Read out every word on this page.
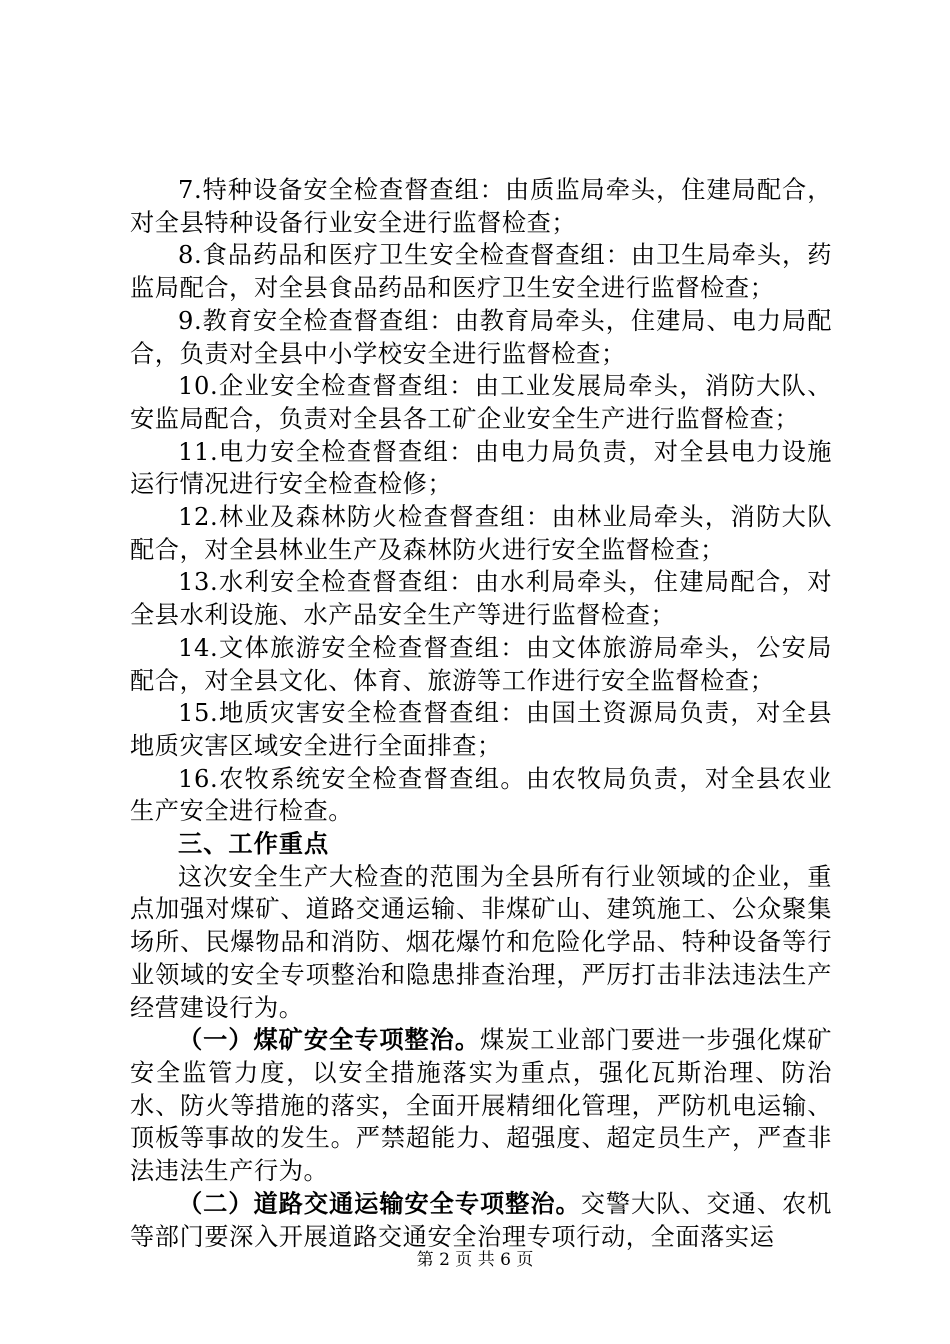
7.特种设备安全检查督查组：由质监局牵头，住建局配合，对全县特种设备行业安全进行监督检查；

8.食品药品和医疗卫生安全检查督查组：由卫生局牵头，药监局配合，对全县食品药品和医疗卫生安全进行监督检查；

9.教育安全检查督查组：由教育局牵头，住建局、电力局配合，负责对全县中小学校安全进行监督检查；

10.企业安全检查督查组：由工业发展局牵头，消防大队、安监局配合，负责对全县各工矿企业安全生产进行监督检查；

11.电力安全检查督查组：由电力局负责，对全县电力设施运行情况进行安全检查检修；

12.林业及森林防火检查督查组：由林业局牵头，消防大队配合，对全县林业生产及森林防火进行安全监督检查；

13.水利安全检查督查组：由水利局牵头，住建局配合，对全县水利设施、水产品安全生产等进行监督检查；

14.文体旅游安全检查督查组：由文体旅游局牵头，公安局配合，对全县文化、体育、旅游等工作进行安全监督检查；

15.地质灾害安全检查督查组：由国土资源局负责，对全县地质灾害区域安全进行全面排查；

16.农牧系统安全检查督查组。由农牧局负责，对全县农业生产安全进行检查。

三、工作重点

这次安全生产大检查的范围为全县所有行业领域的企业，重点加强对煤矿、道路交通运输、非煤矿山、建筑施工、公众聚集场所、民爆物品和消防、烟花爆竹和危险化学品、特种设备等行业领域的安全专项整治和隐患排查治理，严厉打击非法违法生产经营建设行为。

（一）煤矿安全专项整治。煤炭工业部门要进一步强化煤矿安全监管力度，以安全措施落实为重点，强化瓦斯治理、防治水、防火等措施的落实，全面开展精细化管理，严防机电运输、顶板等事故的发生。严禁超能力、超强度、超定员生产，严查非法违法生产行为。

（二）道路交通运输安全专项整治。交警大队、交通、农机等部门要深入开展道路交通安全治理专项行动，全面落实运

第 2 页 共 6 页
